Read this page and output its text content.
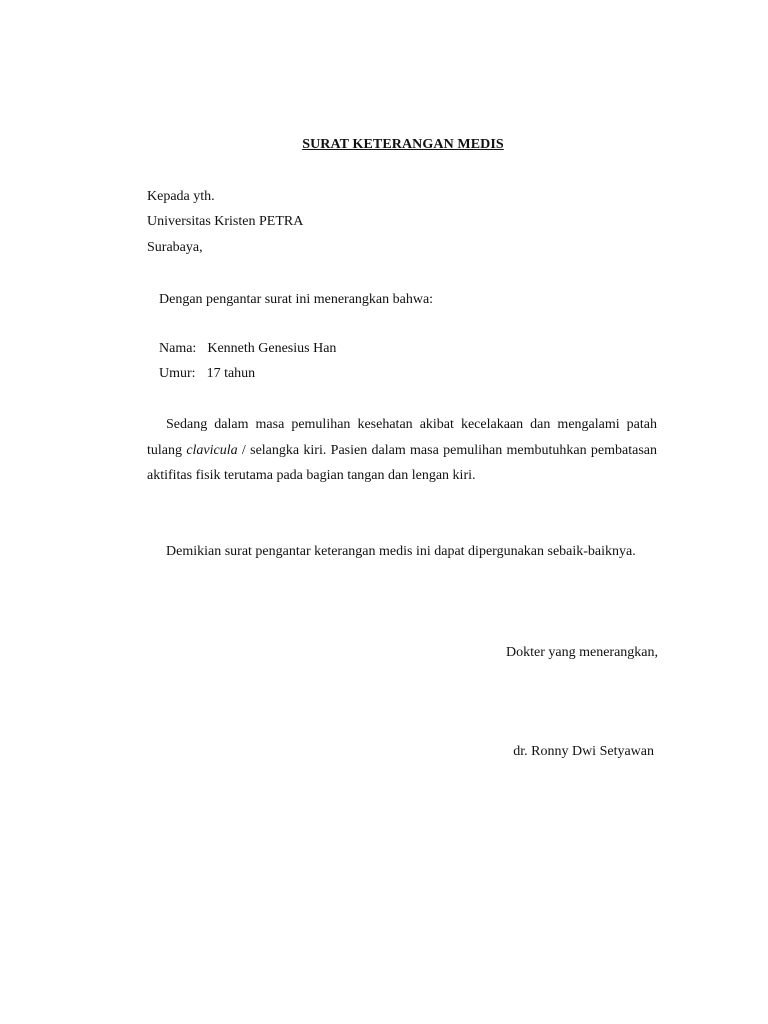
SURAT KETERANGAN MEDIS
Kepada yth.
Universitas Kristen PETRA
Surabaya,
Dengan pengantar surat ini menerangkan bahwa:
Nama: Kenneth Genesius Han
Umur: 17 tahun
Sedang dalam masa pemulihan kesehatan akibat kecelakaan dan mengalami patah tulang clavicula / selangka kiri. Pasien dalam masa pemulihan membutuhkan pembatasan aktifitas fisik terutama pada bagian tangan dan lengan kiri.
Demikian surat pengantar keterangan medis ini dapat dipergunakan sebaik-baiknya.
Dokter yang menerangkan,
dr. Ronny Dwi Setyawan
